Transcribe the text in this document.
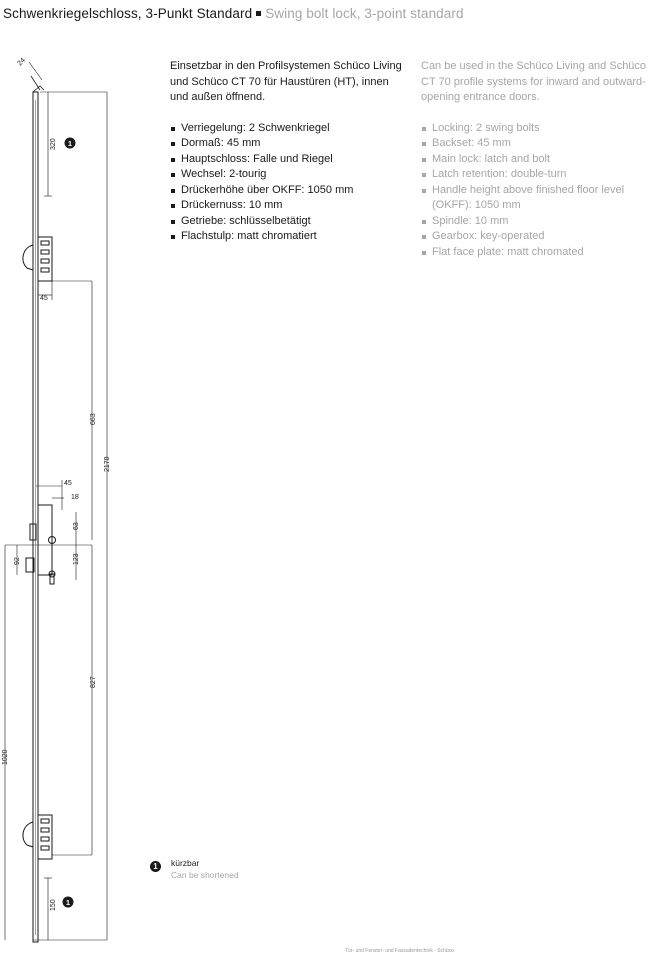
Schwenkriegelschloss, 3-Punkt Standard Swing bolt lock, 3-point standard

Einsetzbar in den Profilsystemen Schüco Living und Schüco CT 70 für Haustüren (HT), innen und außen öffnend.

Verriegelung: 2 Schwenkriegel
Dormaß: 45 mm
Hauptschloss: Falle und Riegel
Wechsel: 2-tourig
Drückerhöhe über OKFF: 1050 mm
Drückernuss: 10 mm
Getriebe: schlüsselbetätigt
Flachstulp: matt chromatiert

Can be used in the Schüco Living and Schüco CT 70 profile systems for inward and outward-opening entrance doors.

Locking: 2 swing bolts
Backset: 45 mm
Main lock: latch and bolt
Latch retention: double-turn
Handle height above finished floor level (OKFF): 1050 mm
Spindle: 10 mm
Gearbox: key-operated
Flat face plate: matt chromated
24
320
45
663
2170
45
18
63
92	123
827
1020
150
1
1
1	kürzbar
Can be shortened
Tür- und Fenster- und Fassadentechnik · Schüco
